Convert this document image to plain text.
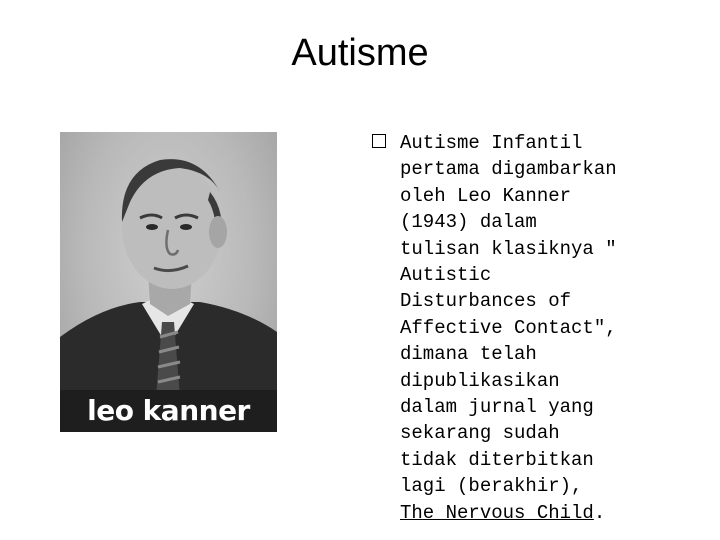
Autisme
leo kanner
Autisme Infantil
pertama digambarkan
oleh Leo Kanner
(1943) dalam
tulisan klasiknya "
Autistic
Disturbances of
Affective Contact",
dimana telah
dipublikasikan
dalam jurnal yang
sekarang sudah
tidak diterbitkan
lagi (berakhir),
The Nervous Child.
